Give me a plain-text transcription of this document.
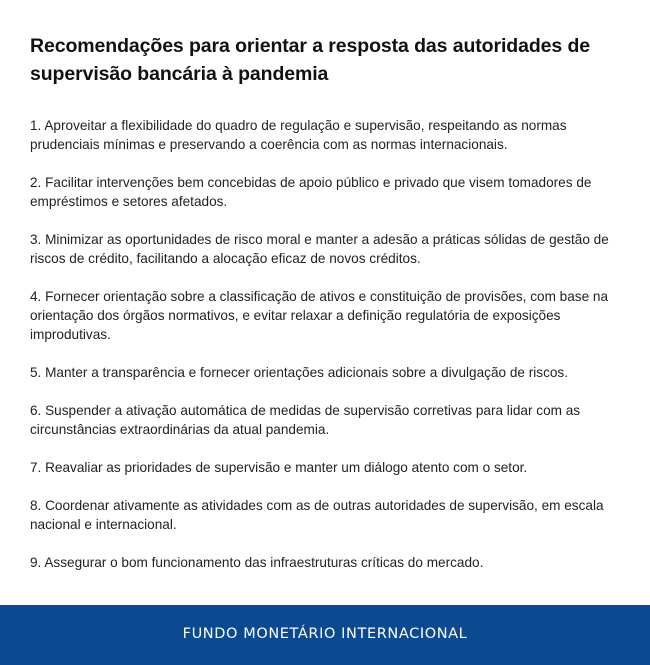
Recomendações para orientar a resposta das autoridades de supervisão bancária à pandemia
1. Aproveitar a flexibilidade do quadro de regulação e supervisão, respeitando as normas prudenciais mínimas e preservando a coerência com as normas internacionais.
2. Facilitar intervenções bem concebidas de apoio público e privado que visem tomadores de empréstimos e setores afetados.
3. Minimizar as oportunidades de risco moral e manter a adesão a práticas sólidas de gestão de riscos de crédito, facilitando a alocação eficaz de novos créditos.
4. Fornecer orientação sobre a classificação de ativos e constituição de provisões, com base na orientação dos órgãos normativos, e evitar relaxar a definição regulatória de exposições improdutivas.
5. Manter a transparência e fornecer orientações adicionais sobre a divulgação de riscos.
6. Suspender a ativação automática de medidas de supervisão corretivas para lidar com as circunstâncias extraordinárias da atual pandemia.
7. Reavaliar as prioridades de supervisão e manter um diálogo atento com o setor.
8. Coordenar ativamente as atividades com as de outras autoridades de supervisão, em escala nacional e internacional.
9. Assegurar o bom funcionamento das infraestruturas críticas do mercado.
FUNDO MONETÁRIO INTERNACIONAL
